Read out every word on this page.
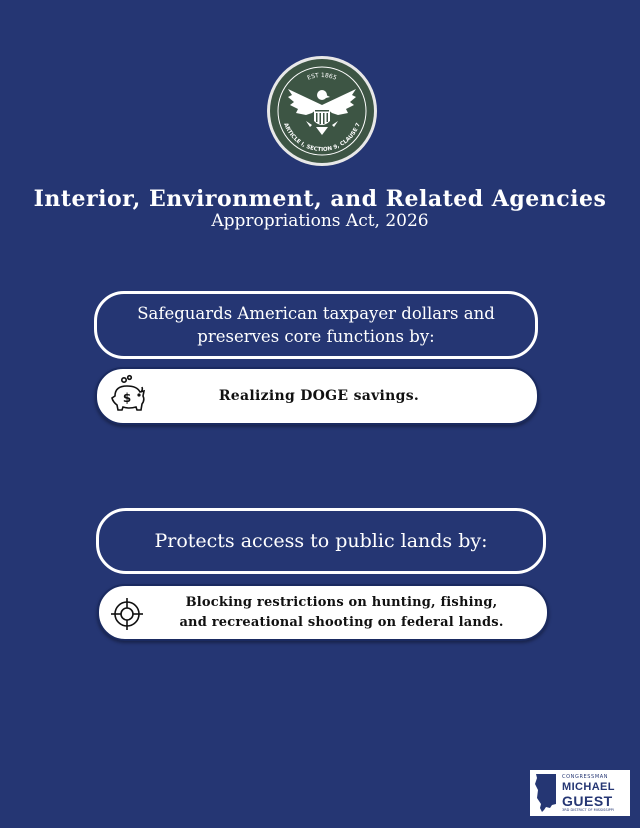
EST 1865
ARTICLE I, SECTION 9, CLAUSE 7
Interior, Environment, and Related Agencies
Appropriations Act, 2026
Safeguards American taxpayer dollars and preserves core functions by:
$	Realizing DOGE savings.
Protects access to public lands by:
Blocking restrictions on hunting, fishing,
and recreational shooting on federal lands.
CONGRESSMAN
MICHAEL
GUEST
3RD DISTRICT OF MISSISSIPPI
